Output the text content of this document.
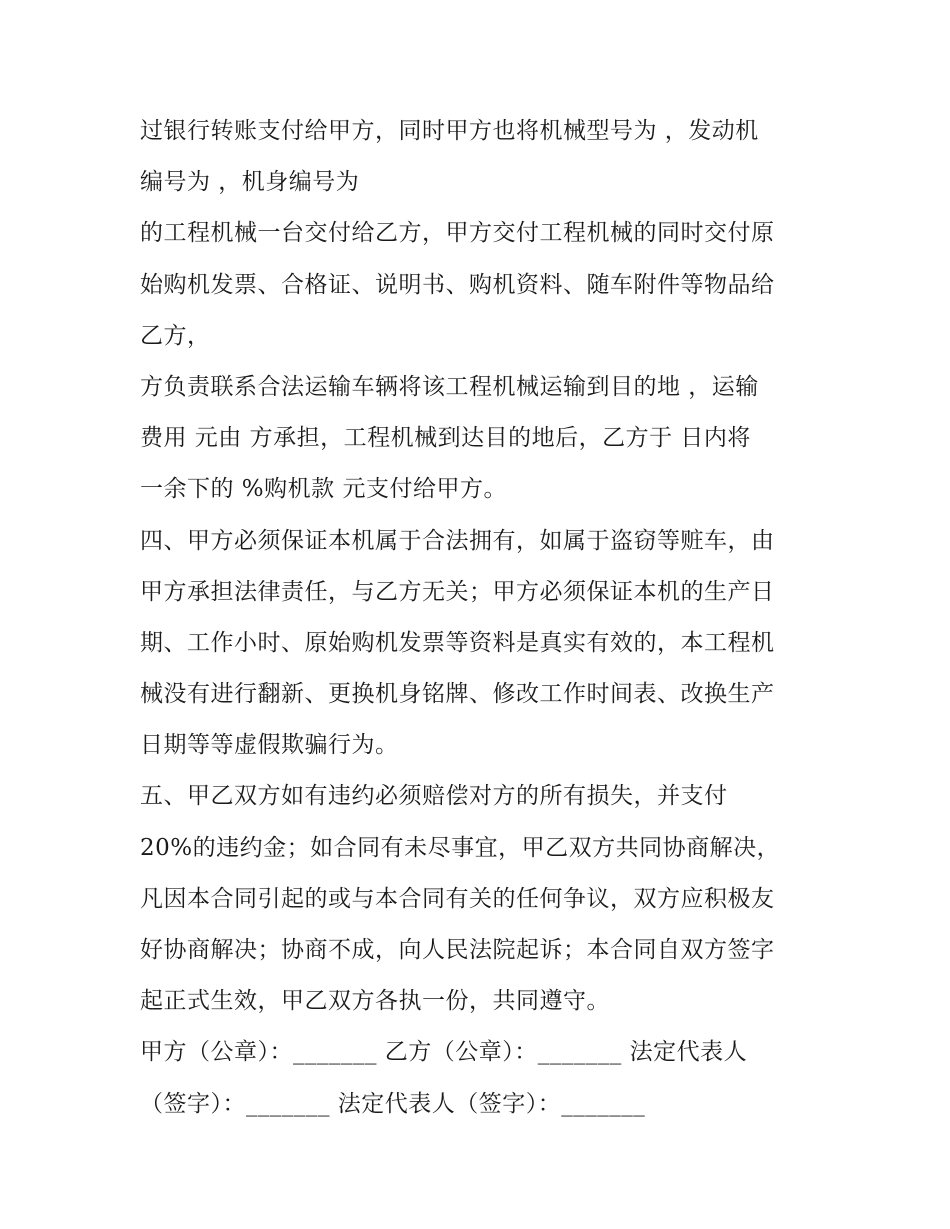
过银行转账支付给甲方，同时甲方也将机械型号为 ，发动机
编号为 ，机身编号为
的工程机械一台交付给乙方，甲方交付工程机械的同时交付原
始购机发票、合格证、说明书、购机资料、随车附件等物品给
乙方，
方负责联系合法运输车辆将该工程机械运输到目的地 ，运输
费用 元由 方承担，工程机械到达目的地后，乙方于 日内将
一余下的 %购机款 元支付给甲方。
四、甲方必须保证本机属于合法拥有，如属于盗窃等赃车，由
甲方承担法律责任，与乙方无关；甲方必须保证本机的生产日
期、工作小时、原始购机发票等资料是真实有效的，本工程机
械没有进行翻新、更换机身铭牌、修改工作时间表、改换生产
日期等等虚假欺骗行为。
五、甲乙双方如有违约必须赔偿对方的所有损失，并支付
20%的违约金；如合同有未尽事宜，甲乙双方共同协商解决，
凡因本合同引起的或与本合同有关的任何争议，双方应积极友
好协商解决；协商不成，向人民法院起诉；本合同自双方签字
起正式生效，甲乙双方各执一份，共同遵守。
甲方（公章）：_______ 乙方（公章）：_______ 法定代表人
（签字）：_______ 法定代表人（签字）：_______
